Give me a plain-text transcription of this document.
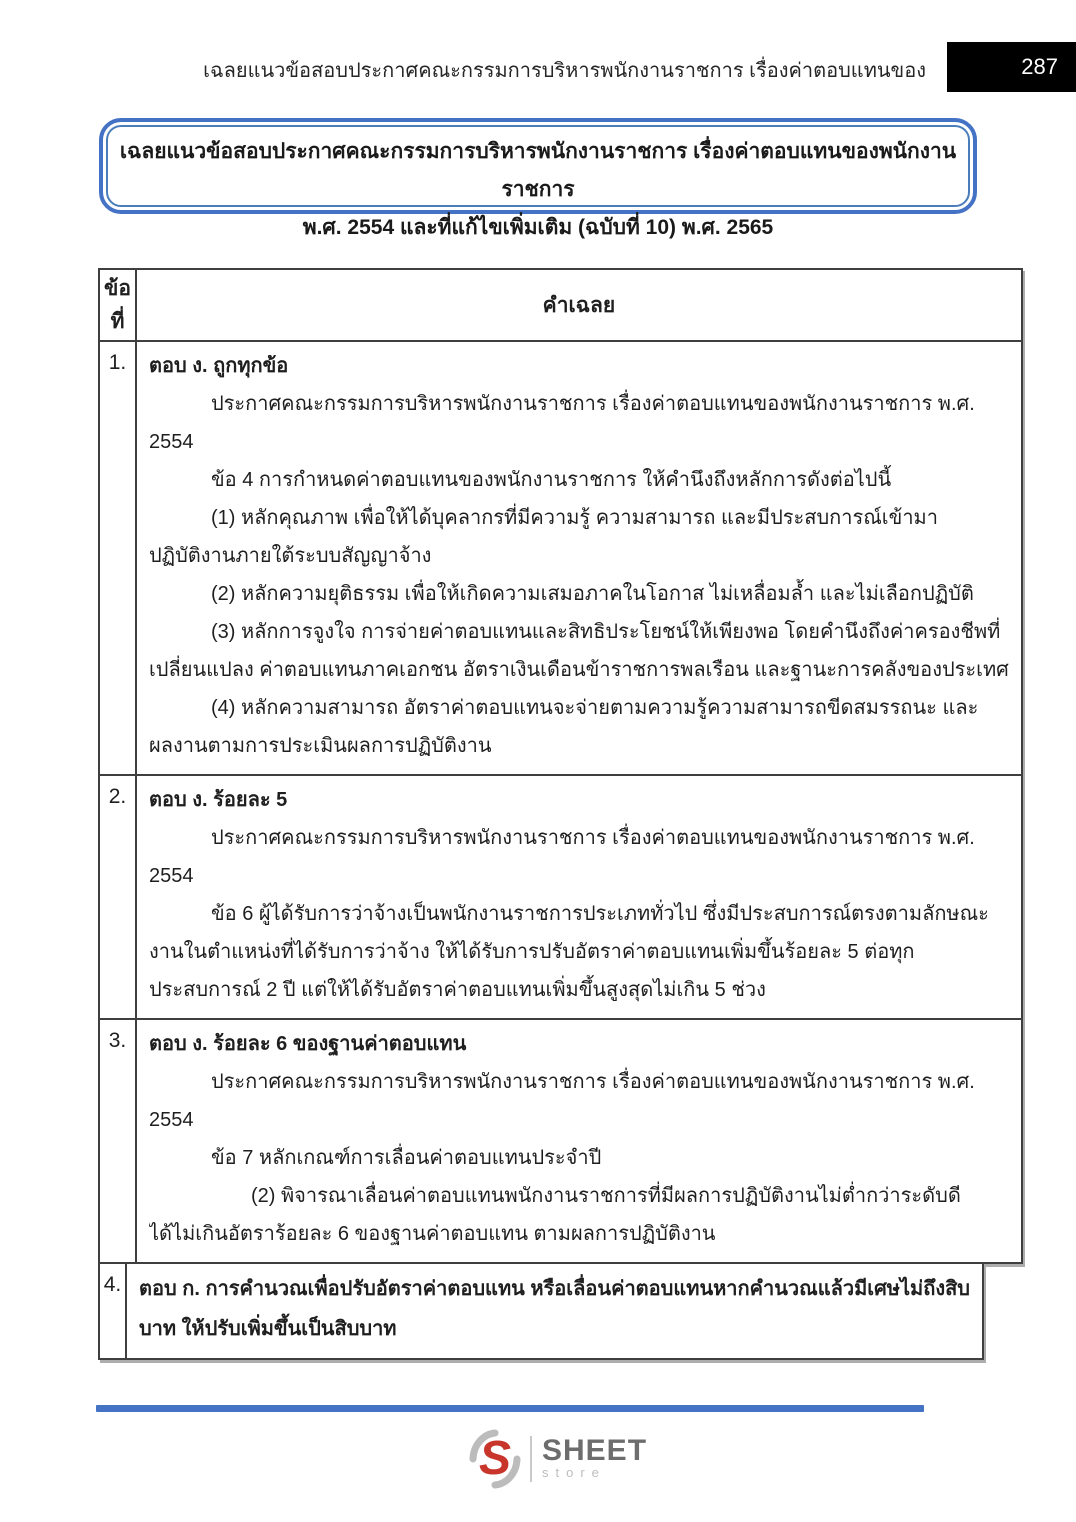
เฉลยแนวข้อสอบประกาศคณะกรรมการบริหารพนักงานราชการ เรื่องค่าตอบแทนของ	287
เฉลยแนวข้อสอบประกาศคณะกรรมการบริหารพนักงานราชการ เรื่องค่าตอบแทนของพนักงานราชการ
พ.ศ. 2554 และที่แก้ไขเพิ่มเติม (ฉบับที่ 10) พ.ศ. 2565
ข้อที่	คำเฉลย
1.	ตอบ ง. ถูกทุกข้อ
ประกาศคณะกรรมการบริหารพนักงานราชการ เรื่องค่าตอบแทนของพนักงานราชการ พ.ศ.
2554
ข้อ 4 การกำหนดค่าตอบแทนของพนักงานราชการ ให้คำนึงถึงหลักการดังต่อไปนี้
(1) หลักคุณภาพ เพื่อให้ได้บุคลากรที่มีความรู้ ความสามารถ และมีประสบการณ์เข้ามา
ปฏิบัติงานภายใต้ระบบสัญญาจ้าง
(2) หลักความยุติธรรม เพื่อให้เกิดความเสมอภาคในโอกาส ไม่เหลื่อมล้ำ และไม่เลือกปฏิบัติ
(3) หลักการจูงใจ การจ่ายค่าตอบแทนและสิทธิประโยชน์ให้เพียงพอ โดยคำนึงถึงค่าครองชีพที่
เปลี่ยนแปลง ค่าตอบแทนภาคเอกชน อัตราเงินเดือนข้าราชการพลเรือน และฐานะการคลังของประเทศ
(4) หลักความสามารถ อัตราค่าตอบแทนจะจ่ายตามความรู้ความสามารถขีดสมรรถนะ และ
ผลงานตามการประเมินผลการปฏิบัติงาน

2.	ตอบ ง. ร้อยละ 5
ประกาศคณะกรรมการบริหารพนักงานราชการ เรื่องค่าตอบแทนของพนักงานราชการ พ.ศ.
2554
ข้อ 6 ผู้ได้รับการว่าจ้างเป็นพนักงานราชการประเภททั่วไป ซึ่งมีประสบการณ์ตรงตามลักษณะ
งานในตำแหน่งที่ได้รับการว่าจ้าง ให้ได้รับการปรับอัตราค่าตอบแทนเพิ่มขึ้นร้อยละ 5 ต่อทุก
ประสบการณ์ 2 ปี แต่ให้ได้รับอัตราค่าตอบแทนเพิ่มขึ้นสูงสุดไม่เกิน 5 ช่วง

3.	ตอบ ง. ร้อยละ 6 ของฐานค่าตอบแทน
ประกาศคณะกรรมการบริหารพนักงานราชการ เรื่องค่าตอบแทนของพนักงานราชการ พ.ศ.
2554
ข้อ 7 หลักเกณฑ์การเลื่อนค่าตอบแทนประจำปี
(2) พิจารณาเลื่อนค่าตอบแทนพนักงานราชการที่มีผลการปฏิบัติงานไม่ต่ำกว่าระดับดี
ได้ไม่เกินอัตราร้อยละ 6 ของฐานค่าตอบแทน ตามผลการปฏิบัติงาน
4.	ตอบ ก. การคำนวณเพื่อปรับอัตราค่าตอบแทน หรือเลื่อนค่าตอบแทนหากคำนวณแล้วมีเศษไม่ถึงสิบ
บาท ให้ปรับเพิ่มขึ้นเป็นสิบบาท
S SHEET
store
